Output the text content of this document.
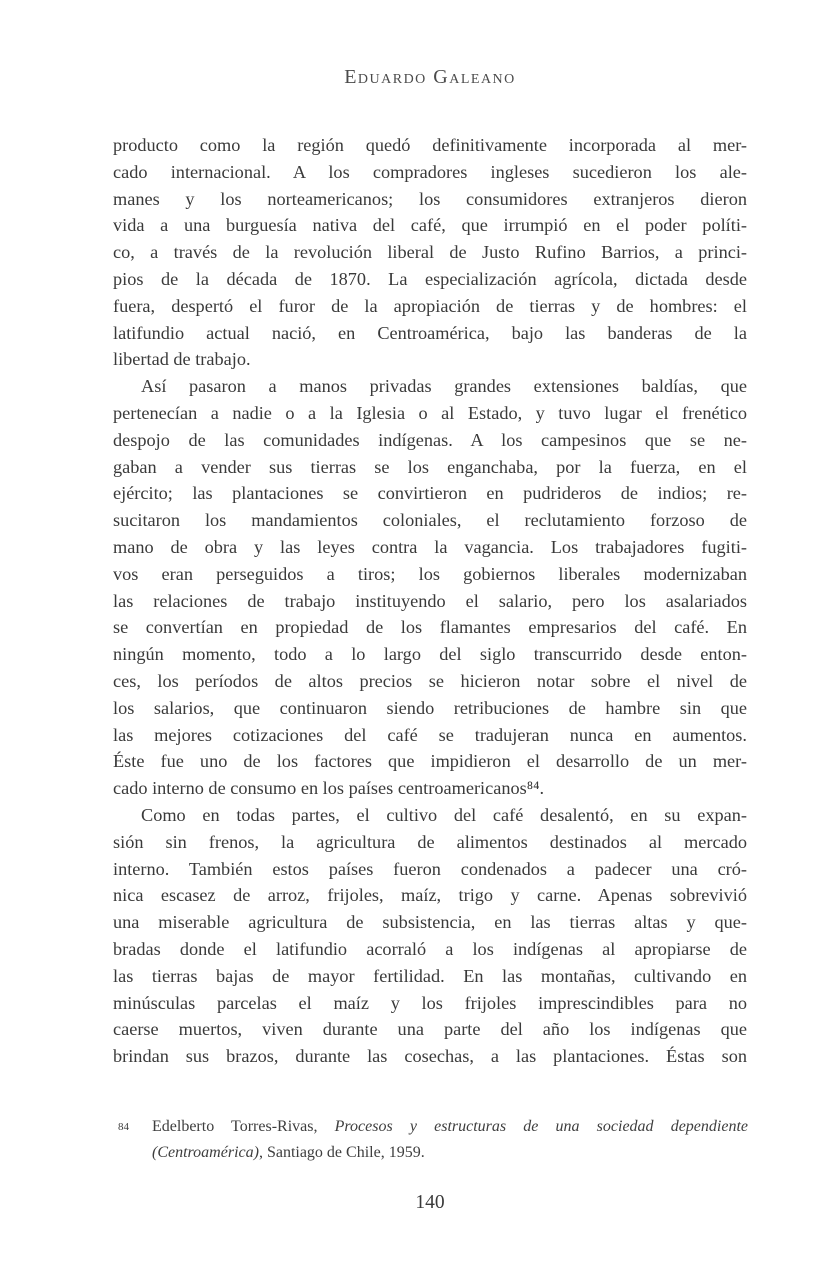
Eduardo Galeano
producto como la región quedó definitivamente incorporada al mer-
cado internacional. A los compradores ingleses sucedieron los ale-
manes y los norteamericanos; los consumidores extranjeros dieron
vida a una burguesía nativa del café, que irrumpió en el poder políti-
co, a través de la revolución liberal de Justo Rufino Barrios, a princi-
pios de la década de 1870. La especialización agrícola, dictada desde
fuera, despertó el furor de la apropiación de tierras y de hombres: el
latifundio actual nació, en Centroamérica, bajo las banderas de la
libertad de trabajo.
Así pasaron a manos privadas grandes extensiones baldías, que
pertenecían a nadie o a la Iglesia o al Estado, y tuvo lugar el frenético
despojo de las comunidades indígenas. A los campesinos que se ne-
gaban a vender sus tierras se los enganchaba, por la fuerza, en el
ejército; las plantaciones se convirtieron en pudrideros de indios; re-
sucitaron los mandamientos coloniales, el reclutamiento forzoso de
mano de obra y las leyes contra la vagancia. Los trabajadores fugiti-
vos eran perseguidos a tiros; los gobiernos liberales modernizaban
las relaciones de trabajo instituyendo el salario, pero los asalariados
se convertían en propiedad de los flamantes empresarios del café. En
ningún momento, todo a lo largo del siglo transcurrido desde enton-
ces, los períodos de altos precios se hicieron notar sobre el nivel de
los salarios, que continuaron siendo retribuciones de hambre sin que
las mejores cotizaciones del café se tradujeran nunca en aumentos.
Éste fue uno de los factores que impidieron el desarrollo de un mer-
cado interno de consumo en los países centroamericanos⁸⁴.
Como en todas partes, el cultivo del café desalentó, en su expan-
sión sin frenos, la agricultura de alimentos destinados al mercado
interno. También estos países fueron condenados a padecer una cró-
nica escasez de arroz, frijoles, maíz, trigo y carne. Apenas sobrevivió
una miserable agricultura de subsistencia, en las tierras altas y que-
bradas donde el latifundio acorraló a los indígenas al apropiarse de
las tierras bajas de mayor fertilidad. En las montañas, cultivando en
minúsculas parcelas el maíz y los frijoles imprescindibles para no
caerse muertos, viven durante una parte del año los indígenas que
brindan sus brazos, durante las cosechas, a las plantaciones. Éstas son
84	Edelberto Torres-Rivas, Procesos y estructuras de una sociedad dependiente
(Centroamérica), Santiago de Chile, 1959.
140
